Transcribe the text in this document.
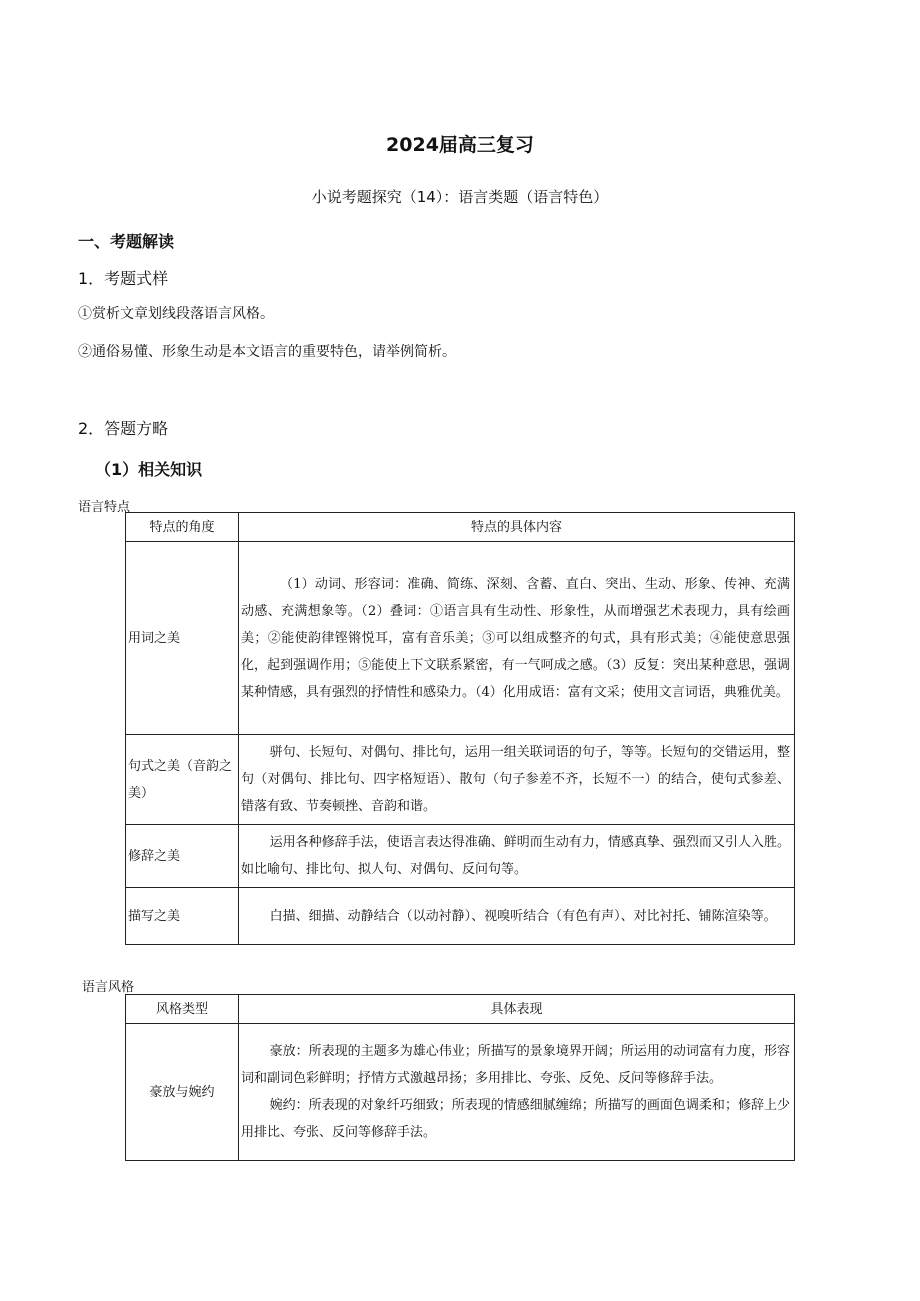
2024届高三复习
小说考题探究（14）：语言类题（语言特色）
一、考题解读
1．考题式样
①赏析文章划线段落语言风格。
②通俗易懂、形象生动是本文语言的重要特色，请举例简析。
2．答题方略
（1）相关知识
语言特点
特点的角度	特点的具体内容
用词之美	（1）动词、形容词：准确、简练、深刻、含蓄、直白、突出、生动、形象、传神、充满动感、充满想象等。（2）叠词：①语言具有生动性、形象性，从而增强艺术表现力，具有绘画美；②能使韵律铿锵悦耳，富有音乐美；③可以组成整齐的句式，具有形式美；④能使意思强化，起到强调作用；⑤能使上下文联系紧密，有一气呵成之感。（3）反复：突出某种意思，强调某种情感，具有强烈的抒情性和感染力。（4）化用成语：富有文采；使用文言词语，典雅优美。
句式之美（音韵之美）	骈句、长短句、对偶句、排比句，运用一组关联词语的句子，等等。长短句的交错运用，整句（对偶句、排比句、四字格短语）、散句（句子参差不齐，长短不一）的结合，使句式参差、错落有致、节奏顿挫、音韵和谐。
修辞之美	运用各种修辞手法，使语言表达得准确、鲜明而生动有力，情感真挚、强烈而又引人入胜。如比喻句、排比句、拟人句、对偶句、反问句等。
描写之美	白描、细描、动静结合（以动衬静）、视嗅听结合（有色有声）、对比衬托、铺陈渲染等。
语言风格
风格类型	具体表现
豪放与婉约	豪放：所表现的主题多为雄心伟业；所描写的景象境界开阔；所运用的动词富有力度，形容词和副词色彩鲜明；抒情方式激越昂扬；多用排比、夸张、反免、反问等修辞手法。
婉约：所表现的对象纤巧细致；所表现的情感细腻缠绵；所描写的画面色调柔和；修辞上少用排比、夸张、反问等修辞手法。
